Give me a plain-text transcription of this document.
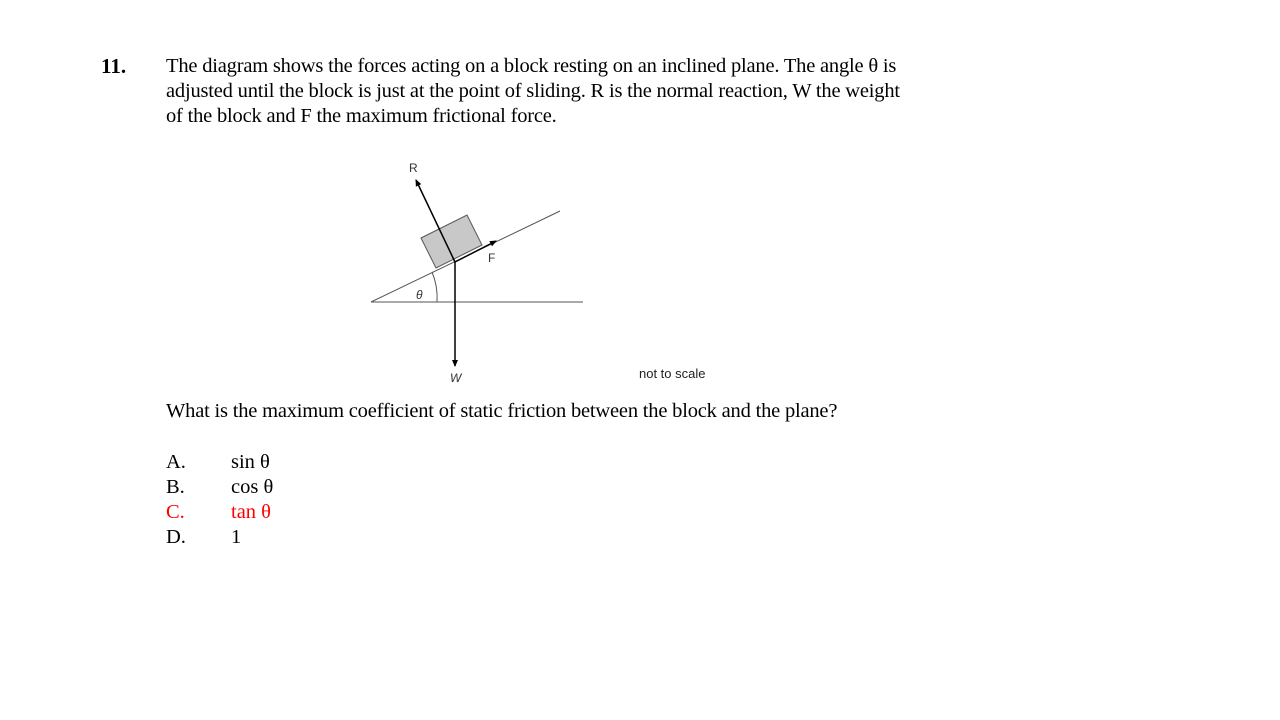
11. The diagram shows the forces acting on a block resting on an inclined plane. The angle θ is
adjusted until the block is just at the point of sliding. R is the normal reaction, W the weight
of the block and F the maximum frictional force.
R
F
W
θ
not to scale
What is the maximum coefficient of static friction between the block and the plane?
A.	sin θ
B.	cos θ
C.	tan θ
D.	1
